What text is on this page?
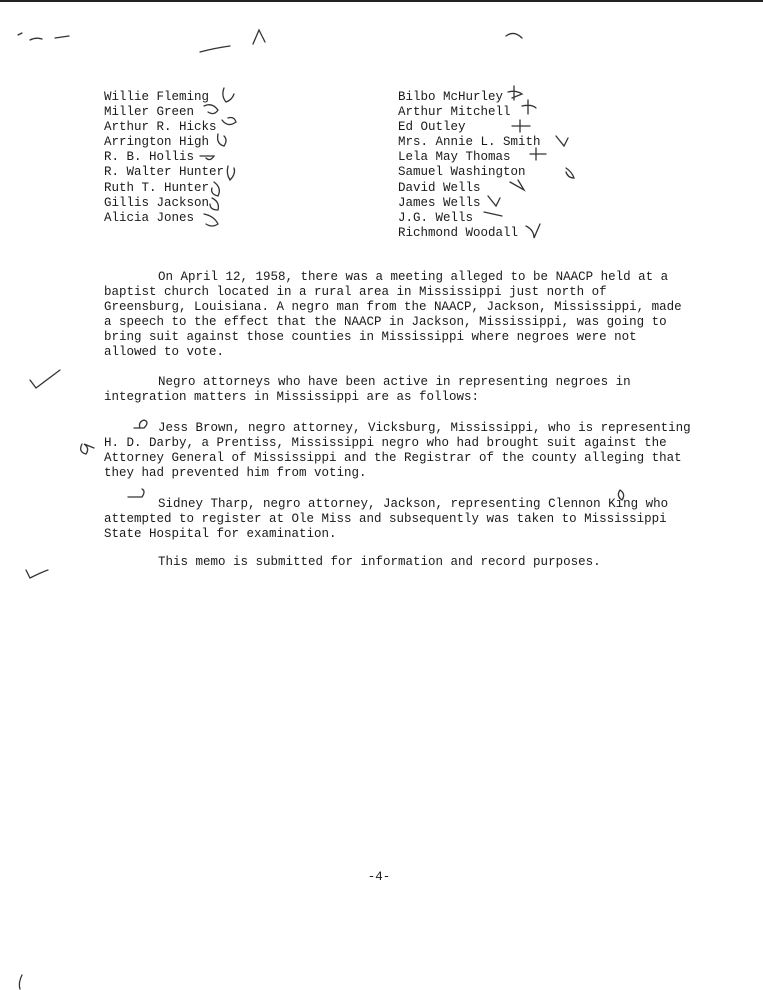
Willie Fleming
Miller Green
Arthur R. Hicks
Arrington High
R. B. Hollis
R. Walter Hunter
Ruth T. Hunter
Gillis Jackson
Alicia Jones
Bilbo McHurley
Arthur Mitchell
Ed Outley
Mrs. Annie L. Smith
Lela May Thomas
Samuel Washington
David Wells
James Wells
J.G. Wells
Richmond Woodall

On April 12, 1958, there was a meeting alleged to be NAACP held at a baptist church located in a rural area in Mississippi just north of Greensburg, Louisiana. A negro man from the NAACP, Jackson, Mississippi, made a speech to the effect that the NAACP in Jackson, Mississippi, was going to bring suit against those counties in Mississippi where negroes were not allowed to vote.

Negro attorneys who have been active in representing negroes in integration matters in Mississippi are as follows:

Jess Brown, negro attorney, Vicksburg, Mississippi, who is representing H. D. Darby, a Prentiss, Mississippi negro who had brought suit against the Attorney General of Mississippi and the Registrar of the county alleging that they had prevented him from voting.

Sidney Tharp, negro attorney, Jackson, representing Clennon King who attempted to register at Ole Miss and subsequently was taken to Mississippi State Hospital for examination.

This memo is submitted for information and record purposes.

-4-
